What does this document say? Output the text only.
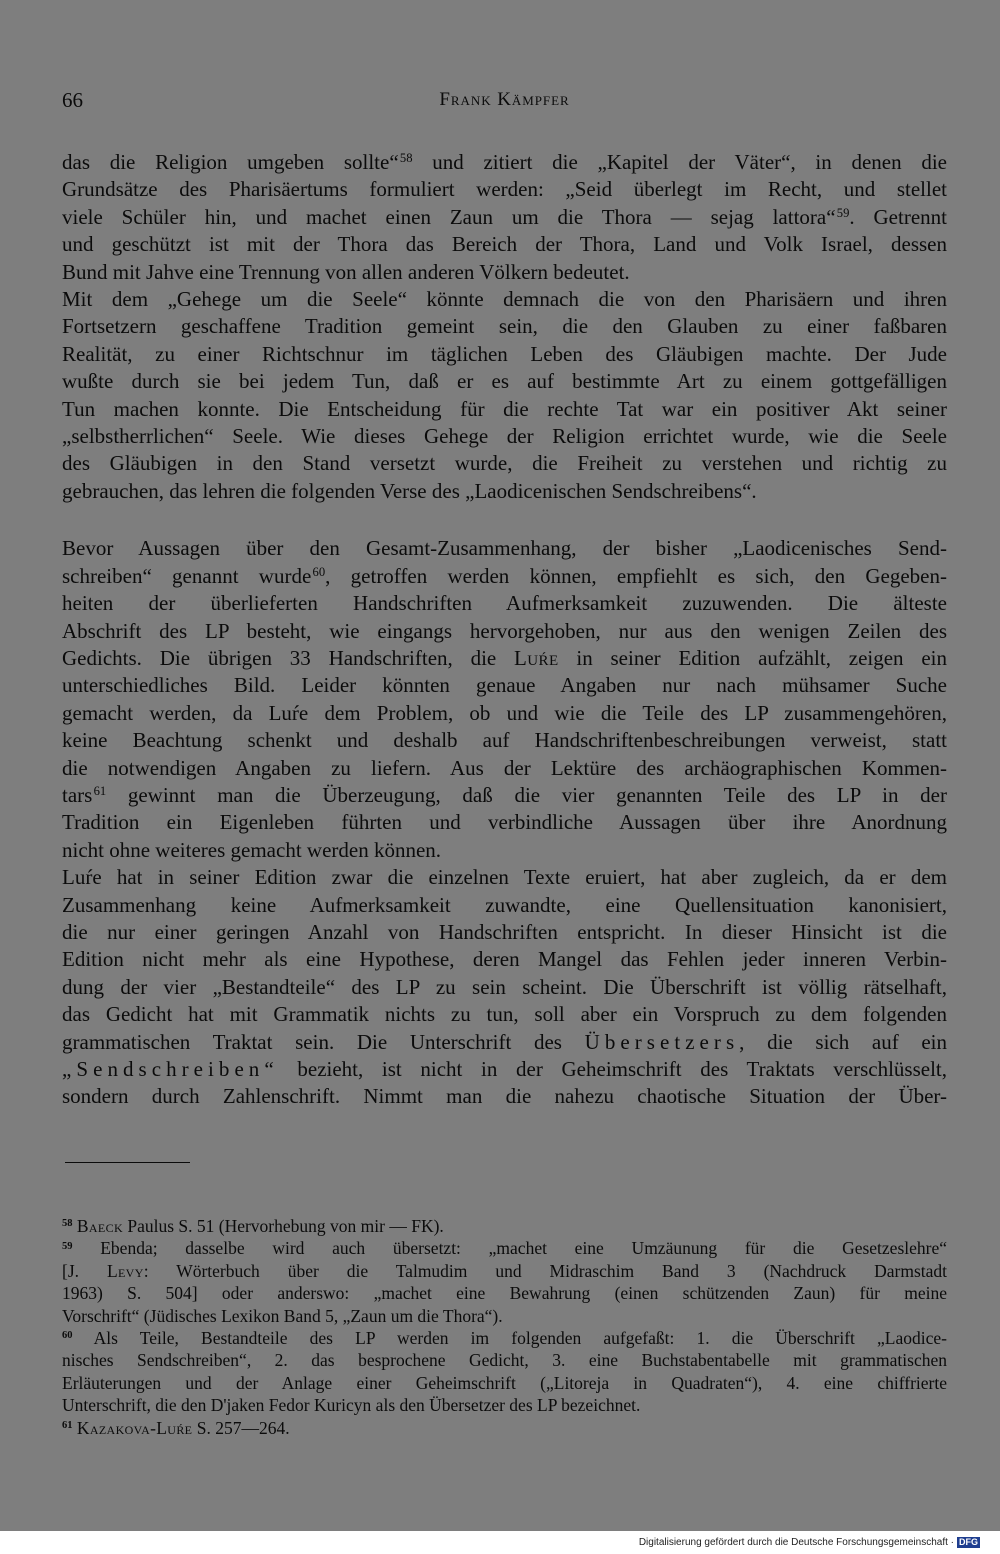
66	Frank Kämpfer
das die Religion umgeben sollte“$^{58}$ und zitiert die „Kapitel der Väter“, in denen die
Grundsätze des Pharisäertums formuliert werden: „Seid überlegt im Recht, und stellet
viele Schüler hin, und machet einen Zaun um die Thora — sejag lattora“$^{59}$. Getrennt
und geschützt ist mit der Thora das Bereich der Thora, Land und Volk Israel, dessen
Bund mit Jahve eine Trennung von allen anderen Völkern bedeutet.
Mit dem „Gehege um die Seele“ könnte demnach die von den Pharisäern und ihren
Fortsetzern geschaffene Tradition gemeint sein, die den Glauben zu einer faßbaren
Realität, zu einer Richtschnur im täglichen Leben des Gläubigen machte. Der Jude
wußte durch sie bei jedem Tun, daß er es auf bestimmte Art zu einem gottgefälligen
Tun machen konnte. Die Entscheidung für die rechte Tat war ein positiver Akt seiner
„selbstherrlichen“ Seele. Wie dieses Gehege der Religion errichtet wurde, wie die Seele
des Gläubigen in den Stand versetzt wurde, die Freiheit zu verstehen und richtig zu
gebrauchen, das lehren die folgenden Verse des „Laodicenischen Sendschreibens“.
Bevor Aussagen über den Gesamt-Zusammenhang, der bisher „Laodicenisches Send-
schreiben“ genannt wurde$^{60}$, getroffen werden können, empfiehlt es sich, den Gegeben-
heiten der überlieferten Handschriften Aufmerksamkeit zuzuwenden. Die älteste
Abschrift des LP besteht, wie eingangs hervorgehoben, nur aus den wenigen Zeilen des
Gedichts. Die übrigen 33 Handschriften, die Luŕe in seiner Edition aufzählt, zeigen ein
unterschiedliches Bild. Leider könnten genaue Angaben nur nach mühsamer Suche
gemacht werden, da Luŕe dem Problem, ob und wie die Teile des LP zusammengehören,
keine Beachtung schenkt und deshalb auf Handschriftenbeschreibungen verweist, statt
die notwendigen Angaben zu liefern. Aus der Lektüre des archäographischen Kommen-
tars$^{61}$ gewinnt man die Überzeugung, daß die vier genannten Teile des LP in der
Tradition ein Eigenleben führten und verbindliche Aussagen über ihre Anordnung
nicht ohne weiteres gemacht werden können.
Luŕe hat in seiner Edition zwar die einzelnen Texte eruiert, hat aber zugleich, da er dem
Zusammenhang keine Aufmerksamkeit zuwandte, eine Quellensituation kanonisiert,
die nur einer geringen Anzahl von Handschriften entspricht. In dieser Hinsicht ist die
Edition nicht mehr als eine Hypothese, deren Mangel das Fehlen jeder inneren Verbin-
dung der vier „Bestandteile“ des LP zu sein scheint. Die Überschrift ist völlig rätselhaft,
das Gedicht hat mit Grammatik nichts zu tun, soll aber ein Vorspruch zu dem folgenden
grammatischen Traktat sein. Die Unterschrift des Übersetzers, die sich auf ein
„Sendschreiben“ bezieht, ist nicht in der Geheimschrift des Traktats verschlüsselt,
sondern durch Zahlenschrift. Nimmt man die nahezu chaotische Situation der Über-
$^{58}$ Baeck Paulus S. 51 (Hervorhebung von mir — FK).
$^{59}$ Ebenda; dasselbe wird auch übersetzt: „machet eine Umzäunung für die Gesetzeslehre“
[J. Levy: Wörterbuch über die Talmudim und Midraschim Band 3 (Nachdruck Darmstadt
1963) S. 504] oder anderswo: „machet eine Bewahrung (einen schützenden Zaun) für meine
Vorschrift“ (Jüdisches Lexikon Band 5, „Zaun um die Thora“).
$^{60}$ Als Teile, Bestandteile des LP werden im folgenden aufgefaßt: 1. die Überschrift „Laodice-
nisches Sendschreiben“, 2. das besprochene Gedicht, 3. eine Buchstabentabelle mit grammatischen
Erläuterungen und der Anlage einer Geheimschrift („Litoreja in Quadraten“), 4. eine chiffrierte
Unterschrift, die den D'jaken Fedor Kuricyn als den Übersetzer des LP bezeichnet.
$^{61}$ Kazakova-Luŕe S. 257—264.
Digitalisierung gefördert durch die Deutsche Forschungsgemeinschaft · DFG
